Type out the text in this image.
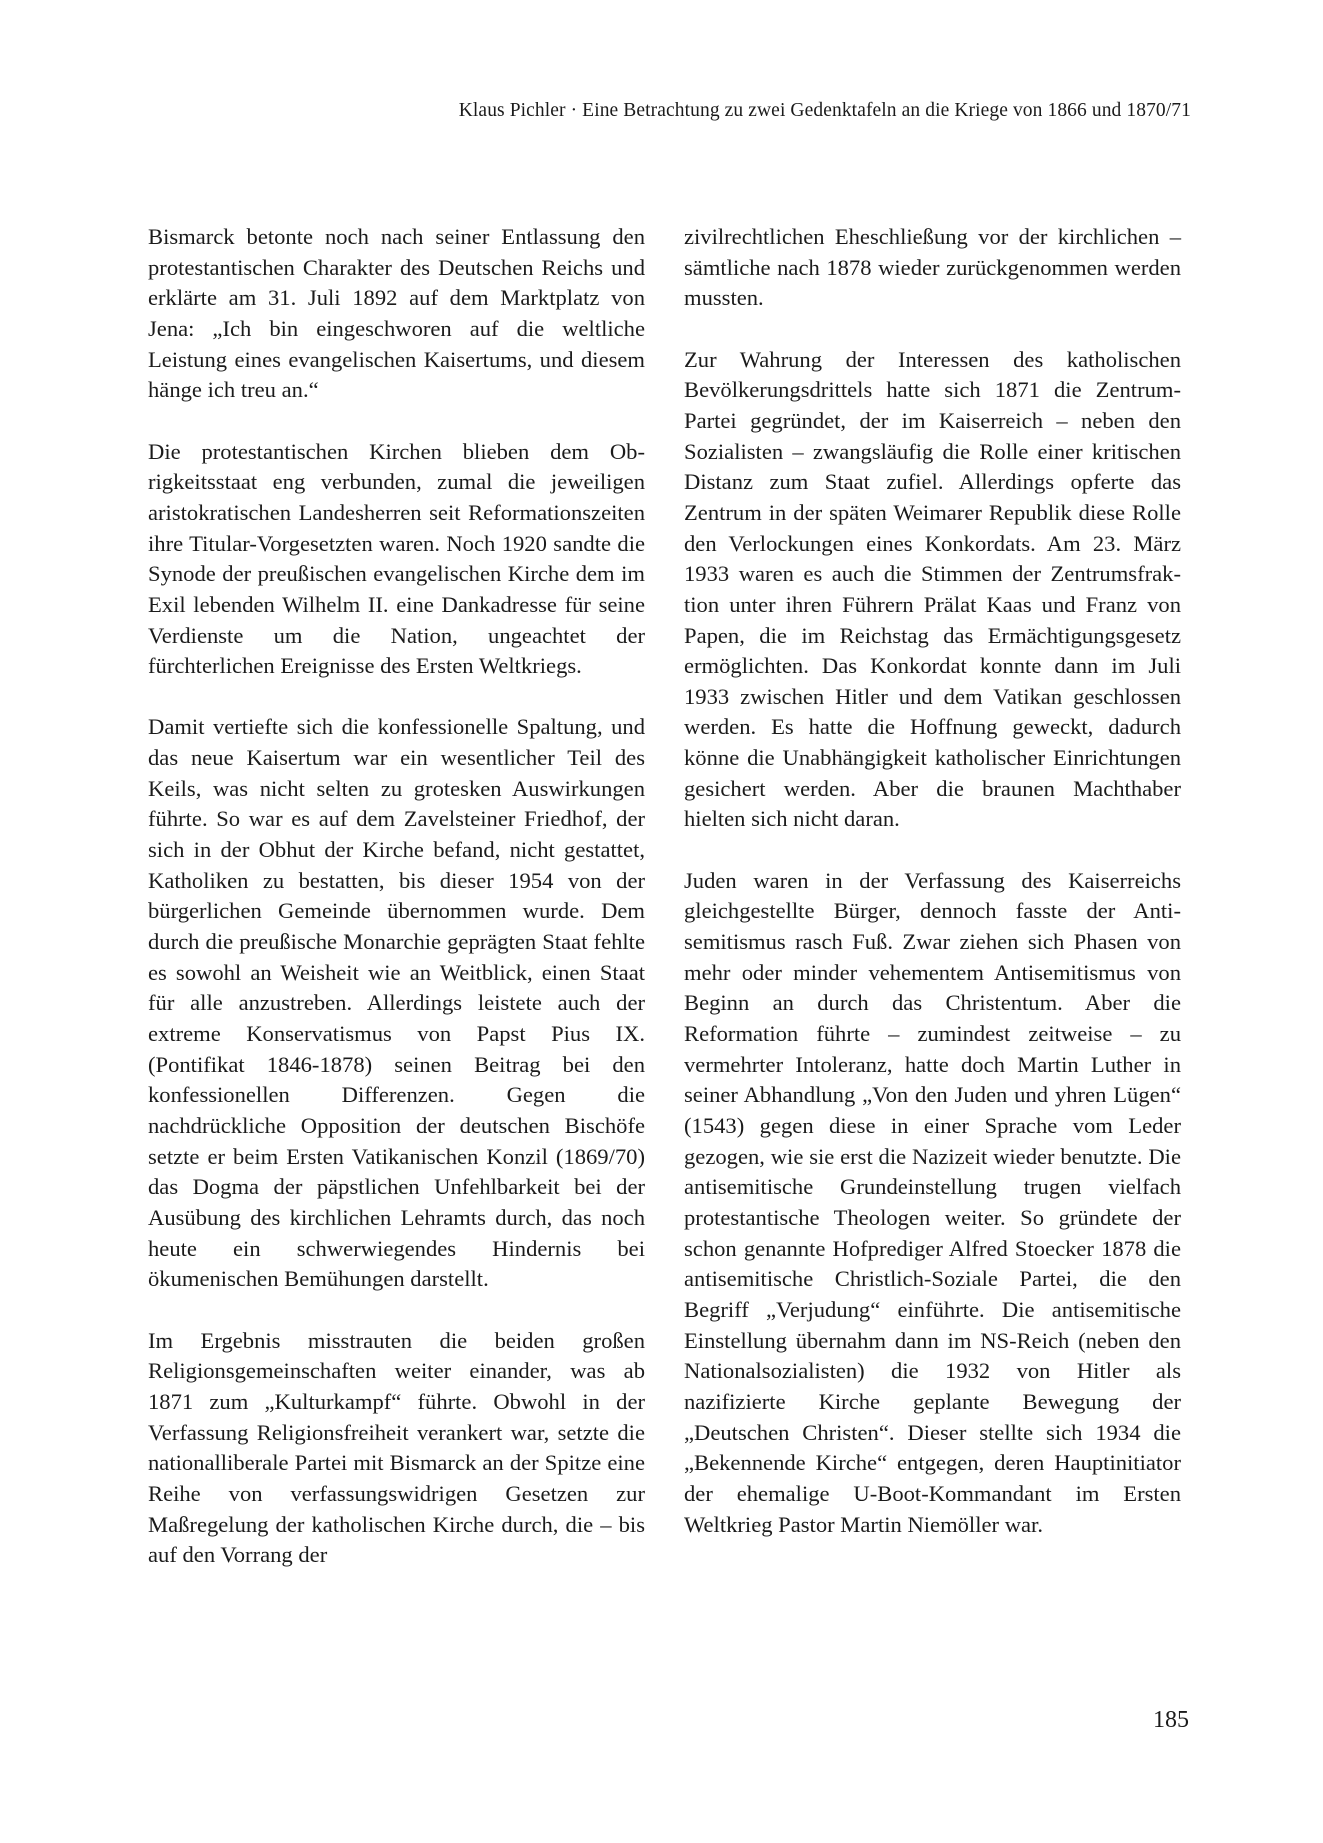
Klaus Pichler · Eine Betrachtung zu zwei Gedenktafeln an die Kriege von 1866 und 1870/71

Bismarck betonte noch nach seiner Entlassung den protestantischen Charakter des Deutschen Reichs und erklärte am 31. Juli 1892 auf dem Marktplatz von Jena: „Ich bin eingeschworen auf die weltliche Leistung eines evangelischen Kaisertums, und diesem hänge ich treu an.“

Die protestantischen Kirchen blieben dem Obrigkeitsstaat eng verbunden, zumal die jeweiligen aristokratischen Landesherren seit Reformationszeiten ihre Titular-Vorgesetzten waren. Noch 1920 sandte die Synode der preußischen evangelischen Kirche dem im Exil lebenden Wilhelm II. eine Dankadresse für seine Verdienste um die Nation, ungeachtet der fürchterlichen Ereignisse des Ersten Weltkriegs.

Damit vertiefte sich die konfessionelle Spaltung, und das neue Kaisertum war ein wesentlicher Teil des Keils, was nicht selten zu grotesken Auswirkungen führte. So war es auf dem Zavelsteiner Friedhof, der sich in der Obhut der Kirche befand, nicht gestattet, Katholiken zu bestatten, bis dieser 1954 von der bürgerlichen Gemeinde übernommen wurde. Dem durch die preußische Monarchie geprägten Staat fehlte es sowohl an Weisheit wie an Weitblick, einen Staat für alle anzustreben. Allerdings leistete auch der extreme Konservatismus von Papst Pius IX. (Pontifikat 1846-1878) seinen Beitrag bei den konfessionellen Differenzen. Gegen die nachdrückliche Opposition der deutschen Bischöfe setzte er beim Ersten Vatikanischen Konzil (1869/70) das Dogma der päpstlichen Unfehlbarkeit bei der Ausübung des kirchlichen Lehramts durch, das noch heute ein schwerwiegendes Hindernis bei ökumenischen Bemühungen darstellt.

Im Ergebnis misstrauten die beiden großen Religionsgemeinschaften weiter einander, was ab 1871 zum „Kulturkampf“ führte. Obwohl in der Verfassung Religionsfreiheit verankert war, setzte die nationalliberale Partei mit Bismarck an der Spitze eine Reihe von verfassungswidrigen Gesetzen zur Maßregelung der katholischen Kirche durch, die – bis auf den Vorrang der

zivilrechtlichen Eheschließung vor der kirchlichen – sämtliche nach 1878 wieder zurückgenommen werden mussten.

Zur Wahrung der Interessen des katholischen Bevölkerungsdrittels hatte sich 1871 die Zentrum-Partei gegründet, der im Kaiserreich – neben den Sozialisten – zwangsläufig die Rolle einer kritischen Distanz zum Staat zufiel. Allerdings opferte das Zentrum in der späten Weimarer Republik diese Rolle den Verlockungen eines Konkordats. Am 23. März 1933 waren es auch die Stimmen der Zentrumsfraktion unter ihren Führern Prälat Kaas und Franz von Papen, die im Reichstag das Ermächtigungsgesetz ermöglichten. Das Konkordat konnte dann im Juli 1933 zwischen Hitler und dem Vatikan geschlossen werden. Es hatte die Hoffnung geweckt, dadurch könne die Unabhängigkeit katholischer Einrichtungen gesichert werden. Aber die braunen Machthaber hielten sich nicht daran.

Juden waren in der Verfassung des Kaiserreichs gleichgestellte Bürger, dennoch fasste der Antisemitismus rasch Fuß. Zwar ziehen sich Phasen von mehr oder minder vehementem Antisemitismus von Beginn an durch das Christentum. Aber die Reformation führte – zumindest zeitweise – zu vermehrter Intoleranz, hatte doch Martin Luther in seiner Abhandlung „Von den Juden und yhren Lügen“ (1543) gegen diese in einer Sprache vom Leder gezogen, wie sie erst die Nazizeit wieder benutzte. Die antisemitische Grundeinstellung trugen vielfach protestantische Theologen weiter. So gründete der schon genannte Hofprediger Alfred Stoecker 1878 die antisemitische Christlich-Soziale Partei, die den Begriff „Verjudung“ einführte. Die antisemitische Einstellung übernahm dann im NS-Reich (neben den Nationalsozialisten) die 1932 von Hitler als nazifizierte Kirche geplante Bewegung der „Deutschen Christen“. Dieser stellte sich 1934 die „Bekennende Kirche“ entgegen, deren Hauptinitiator der ehemalige U-Boot-Kommandant im Ersten Weltkrieg Pastor Martin Niemöller war.

185
